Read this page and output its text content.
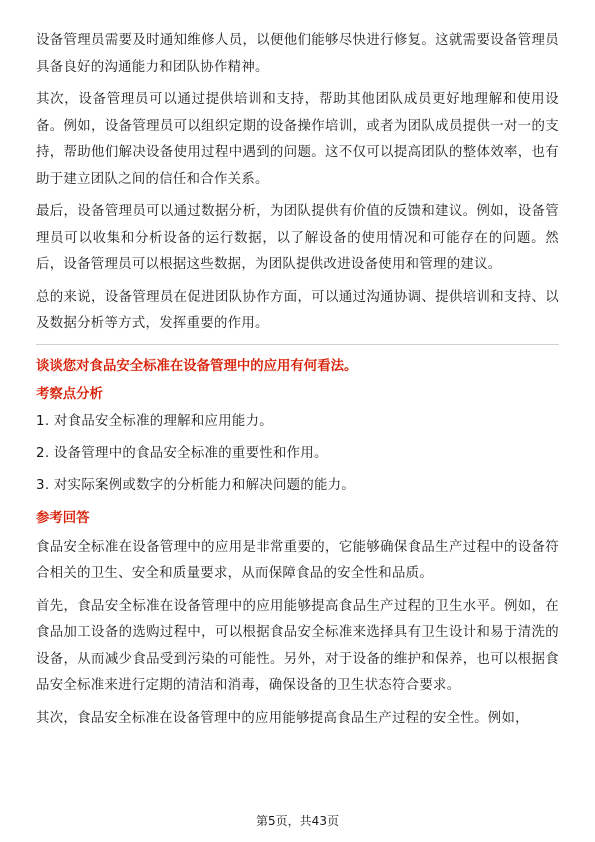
设备管理员需要及时通知维修人员，以便他们能够尽快进行修复。这就需要设备管理员具备良好的沟通能力和团队协作精神。

其次，设备管理员可以通过提供培训和支持，帮助其他团队成员更好地理解和使用设备。例如，设备管理员可以组织定期的设备操作培训，或者为团队成员提供一对一的支持，帮助他们解决设备使用过程中遇到的问题。这不仅可以提高团队的整体效率，也有助于建立团队之间的信任和合作关系。

最后，设备管理员可以通过数据分析，为团队提供有价值的反馈和建议。例如，设备管理员可以收集和分析设备的运行数据，以了解设备的使用情况和可能存在的问题。然后，设备管理员可以根据这些数据，为团队提供改进设备使用和管理的建议。

总的来说，设备管理员在促进团队协作方面，可以通过沟通协调、提供培训和支持、以及数据分析等方式，发挥重要的作用。

谈谈您对食品安全标准在设备管理中的应用有何看法。

考察点分析

1. 对食品安全标准的理解和应用能力。

2. 设备管理中的食品安全标准的重要性和作用。

3. 对实际案例或数字的分析能力和解决问题的能力。

参考回答

食品安全标准在设备管理中的应用是非常重要的，它能够确保食品生产过程中的设备符合相关的卫生、安全和质量要求，从而保障食品的安全性和品质。

首先，食品安全标准在设备管理中的应用能够提高食品生产过程的卫生水平。例如，在食品加工设备的选购过程中，可以根据食品安全标准来选择具有卫生设计和易于清洗的设备，从而减少食品受到污染的可能性。另外，对于设备的维护和保养，也可以根据食品安全标准来进行定期的清洁和消毒，确保设备的卫生状态符合要求。

其次，食品安全标准在设备管理中的应用能够提高食品生产过程的安全性。例如，

第5页，共43页
